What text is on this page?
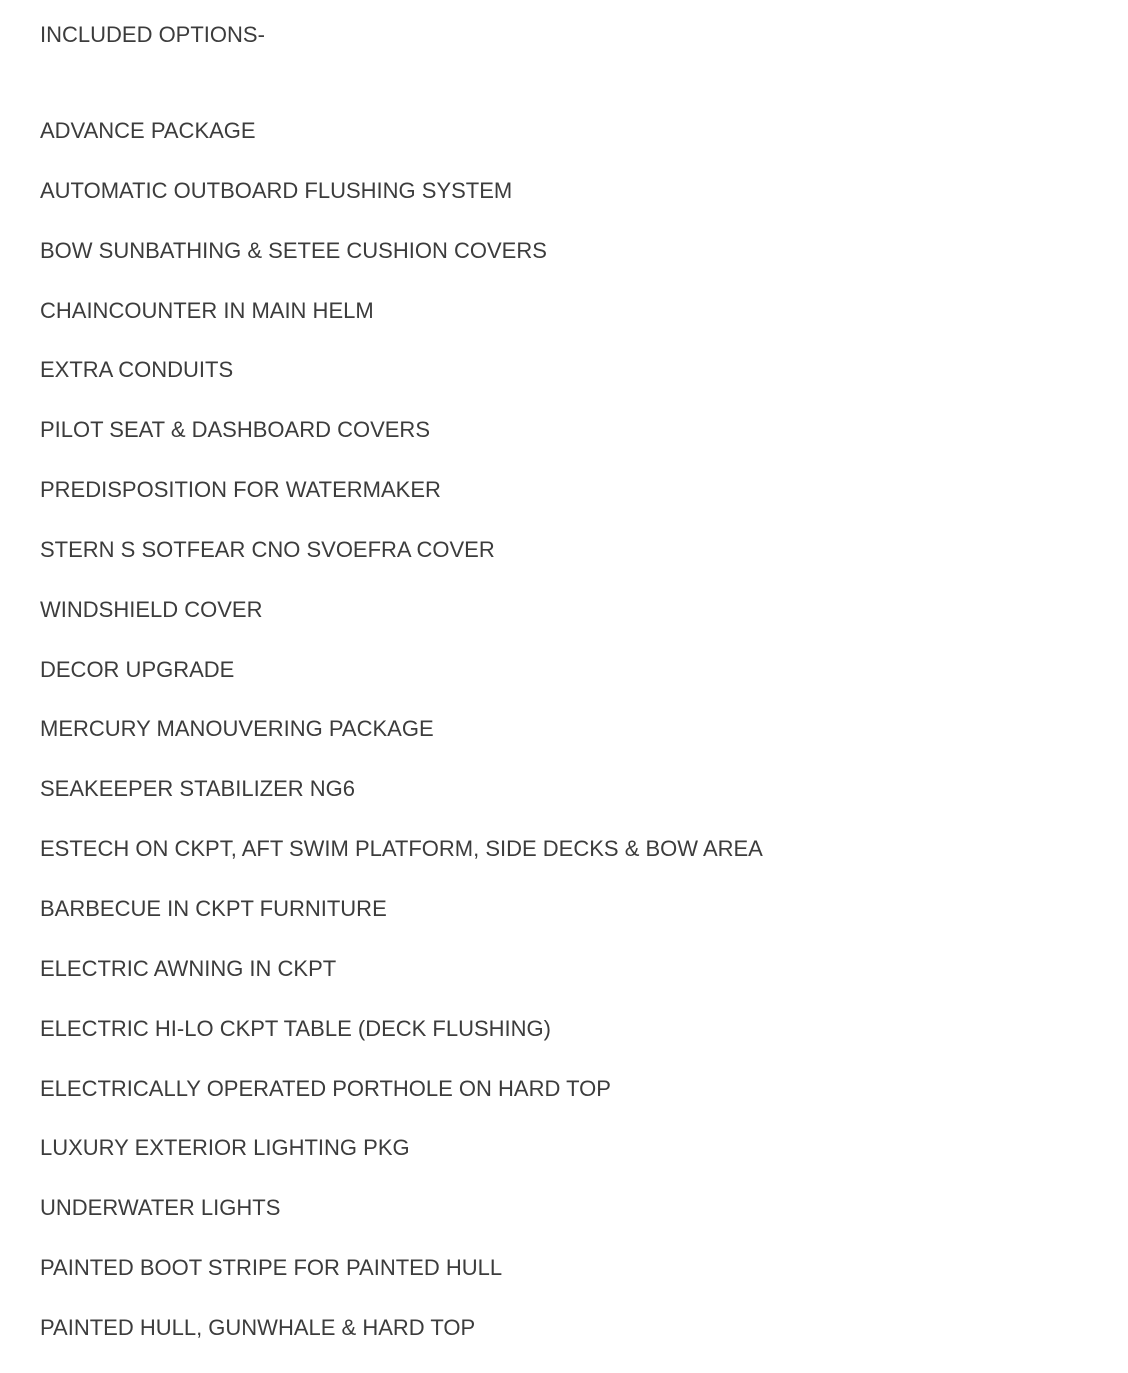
INCLUDED OPTIONS-

ADVANCE PACKAGE
AUTOMATIC OUTBOARD FLUSHING SYSTEM
BOW SUNBATHING & SETEE CUSHION COVERS
CHAINCOUNTER IN MAIN HELM
EXTRA CONDUITS
PILOT SEAT & DASHBOARD COVERS
PREDISPOSITION FOR WATERMAKER
STERN S SOTFEAR CNO SVOEFRA COVER
WINDSHIELD COVER
DECOR UPGRADE
MERCURY MANOUVERING PACKAGE
SEAKEEPER STABILIZER NG6
ESTECH ON CKPT, AFT SWIM PLATFORM, SIDE DECKS & BOW AREA
BARBECUE IN CKPT FURNITURE
ELECTRIC AWNING IN CKPT
ELECTRIC HI-LO CKPT TABLE (DECK FLUSHING)
ELECTRICALLY OPERATED PORTHOLE ON HARD TOP
LUXURY EXTERIOR LIGHTING PKG
UNDERWATER LIGHTS
PAINTED BOOT STRIPE FOR PAINTED HULL
PAINTED HULL, GUNWHALE & HARD TOP
